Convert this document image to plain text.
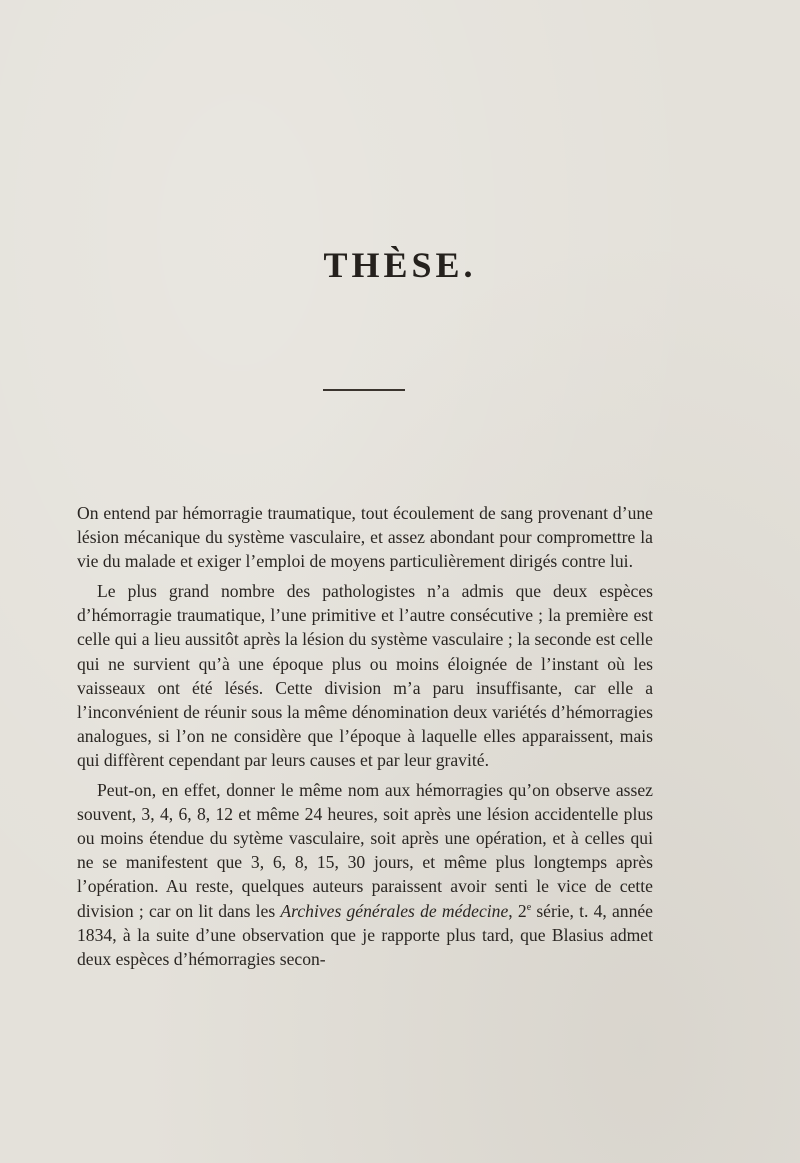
THÈSE.

On entend par hémorragie traumatique, tout écoulement de sang provenant d’une lésion mécanique du système vasculaire, et assez abondant pour compromettre la vie du malade et exiger l’emploi de moyens particulièrement dirigés contre lui.

Le plus grand nombre des pathologistes n’a admis que deux espèces d’hémorragie traumatique, l’une primitive et l’autre consécutive ; la première est celle qui a lieu aussitôt après la lésion du système vasculaire ; la seconde est celle qui ne survient qu’à une époque plus ou moins éloignée de l’instant où les vaisseaux ont été lésés. Cette division m’a paru insuffisante, car elle a l’inconvénient de réunir sous la même dénomination deux variétés d’hémorragies analogues, si l’on ne considère que l’époque à laquelle elles apparaissent, mais qui diffèrent cependant par leurs causes et par leur gravité.

Peut-on, en effet, donner le même nom aux hémorragies qu’on observe assez souvent, 3, 4, 6, 8, 12 et même 24 heures, soit après une lésion accidentelle plus ou moins étendue du sytème vasculaire, soit après une opération, et à celles qui ne se manifestent que 3, 6, 8, 15, 30 jours, et même plus longtemps après l’opération. Au reste, quelques auteurs paraissent avoir senti le vice de cette division ; car on lit dans les Archives générales de médecine, 2e série, t. 4, année 1834, à la suite d’une observation que je rapporte plus tard, que Blasius admet deux espèces d’hémorragies secon-
